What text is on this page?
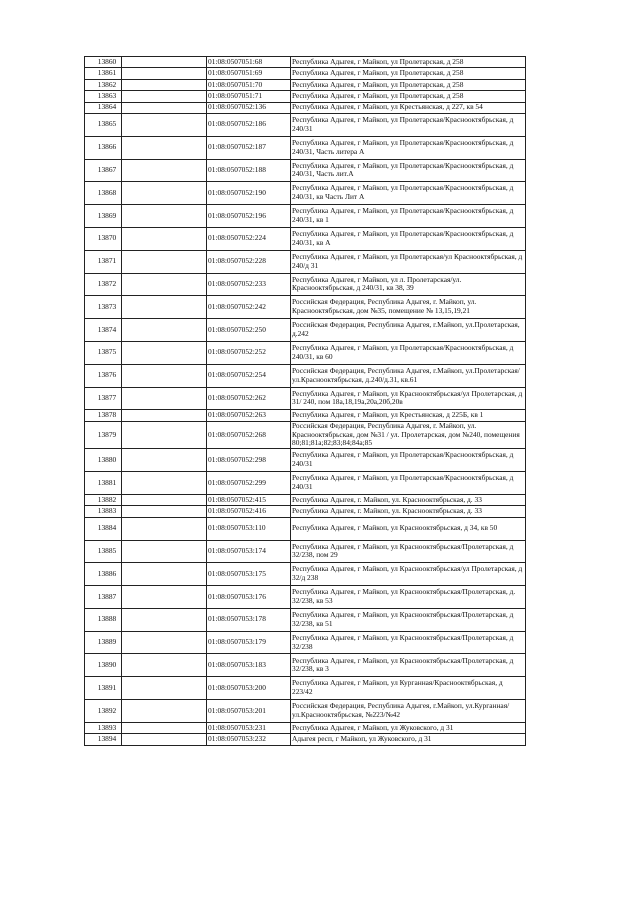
13860		01:08:0507051:68	Республика Адыгея, г Майкоп, ул Пролетарская, д 258
13861		01:08:0507051:69	Республика Адыгея, г Майкоп, ул Пролетарская, д 258
13862		01:08:0507051:70	Республика Адыгея, г Майкоп, ул Пролетарская, д 258
13863		01:08:0507051:71	Республика Адыгея, г Майкоп, ул Пролетарская, д 258
13864		01:08:0507052:136	Республика Адыгея, г Майкоп, ул Крестьянская, д 227, кв 54
13865		01:08:0507052:186	Республика Адыгея, г Майкоп, ул Пролетарская/Краснооктябрьская, д 240/31
13866		01:08:0507052:187	Республика Адыгея, г Майкоп, ул Пролетарская/Краснооктябрьская, д 240/31, Часть литера А
13867		01:08:0507052:188	Республика Адыгея, г Майкоп, ул Пролетарская/Краснооктябрьская, д 240/31, Часть лит.А
13868		01:08:0507052:190	Республика Адыгея, г Майкоп, ул Пролетарская/Краснооктябрьская, д 240/31, кв Часть Лит А
13869		01:08:0507052:196	Республика Адыгея, г Майкоп, ул Пролетарская/Краснооктябрьская, д 240/31, кв 1
13870		01:08:0507052:224	Республика Адыгея, г Майкоп, ул Пролетарская/Краснооктябрьская, д 240/31, кв А
13871		01:08:0507052:228	Республика Адыгея, г Майкоп, ул Пролетарская/ул Краснооктябрьская, д 240/д 31
13872		01:08:0507052:233	Республика Адыгея, г Майкоп, ул л. Пролетарская/ул. Краснооктябрьская, д 240/31, кв 38, 39
13873		01:08:0507052:242	Российская Федерация, Республика Адыгея, г. Майкоп, ул. Краснооктябрьская, дом №35, помещение № 13,15,19,21
13874		01:08:0507052:250	Российская Федерация, Республика Адыгея, г.Майкоп, ул.Пролетарская, д.242
13875		01:08:0507052:252	Республика Адыгея, г Майкоп, ул Пролетарская/Краснооктябрьская, д 240/31, кв 60
13876		01:08:0507052:254	Российская Федерация, Республика Адыгея, г.Майкоп, ул.Пролетарская/ул.Краснооктябрьская, д.240/д.31, кв.61
13877		01:08:0507052:262	Республика Адыгея, г Майкоп, ул Краснооктябрьская/ул Пролетарская, д 31/ 240, пом 18а,18,19а,20а,20б,20в
13878		01:08:0507052:263	Республика Адыгея, г Майкоп, ул Крестьянская, д 225Б, кв 1
13879		01:08:0507052:268	Российская Федерация, Республика Адыгея, г. Майкоп, ул. Краснооктябрьская, дом №31 / ул. Пролетарская, дом №240, помещения 80;81;81а;82;83;84;84а;85
13880		01:08:0507052:298	Республика Адыгея, г Майкоп, ул Пролетарская/Краснооктябрьская, д 240/31
13881		01:08:0507052:299	Республика Адыгея, г Майкоп, ул Пролетарская/Краснооктябрьская, д 240/31
13882		01:08:0507052:415	Республика Адыгея, г. Майкоп, ул. Краснооктябрьская, д. 33
13883		01:08:0507052:416	Республика Адыгея, г. Майкоп, ул. Краснооктябрьская, д. 33
13884		01:08:0507053:110	Республика Адыгея, г Майкоп, ул Краснооктябрьская, д 34, кв 50
13885		01:08:0507053:174	Республика Адыгея, г Майкоп, ул Краснооктябрьская/Пролетарская, д 32/238, пом 29
13886		01:08:0507053:175	Республика Адыгея, г Майкоп, ул Краснооктябрьская/ул Пролетарская, д 32/д 238
13887		01:08:0507053:176	Республика Адыгея, г Майкоп, ул Краснооктябрьская/Пролетарская, д. 32/238, кв 53
13888		01:08:0507053:178	Республика Адыгея, г Майкоп, ул Краснооктябрьская/Пролетарская, д 32/238, кв 51
13889		01:08:0507053:179	Республика Адыгея, г Майкоп, ул Краснооктябрьская/Пролетарская, д 32/238
13890		01:08:0507053:183	Республика Адыгея, г Майкоп, ул Краснооктябрьская/Пролетарская, д 32/238, кв 3
13891		01:08:0507053:200	Республика Адыгея, г Майкоп, ул Курганная/Краснооктябрьская, д 223/42
13892		01:08:0507053:201	Российская Федерация, Республика Адыгея, г.Майкоп, ул.Курганная/ул.Краснооктябрьская, №223/№42
13893		01:08:0507053:231	Республика Адыгея, г Майкоп, ул Жуковского, д 31
13894		01:08:0507053:232	Адыгея респ, г Майкоп, ул Жуковского, д 31
